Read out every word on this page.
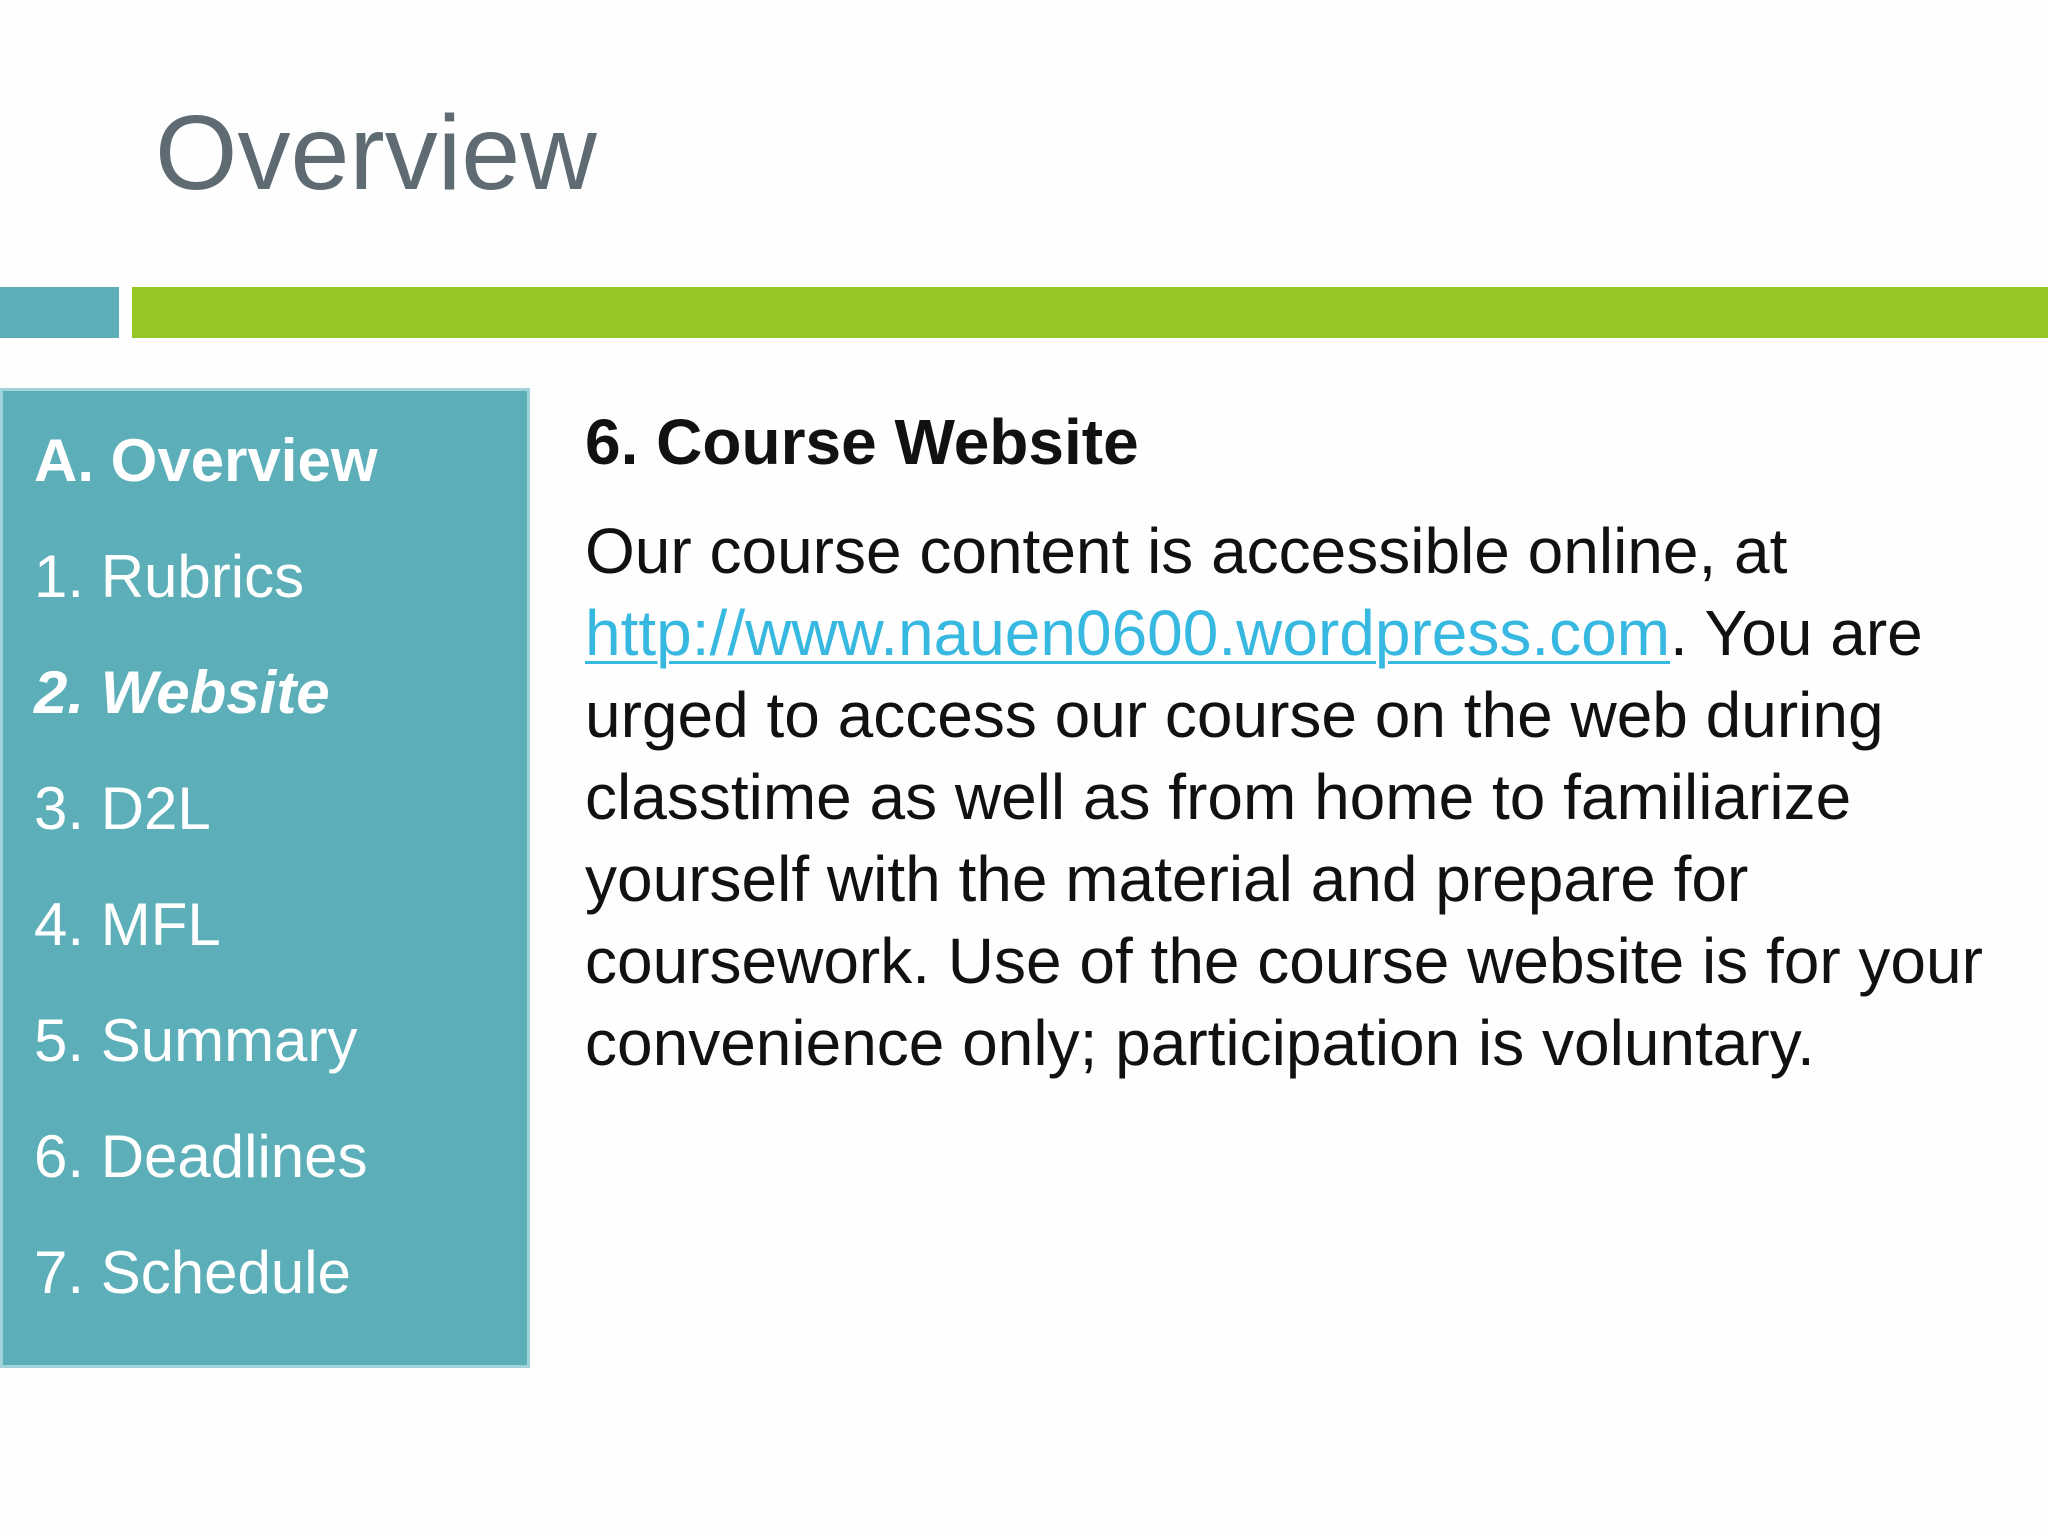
Overview
A. Overview
1. Rubrics
2. Website
3. D2L
4. MFL
5. Summary
6. Deadlines
7. Schedule
6. Course Website

Our course content is accessible online, at http://www.nauen0600.wordpress.com. You are urged to access our course on the web during classtime as well as from home to familiarize yourself with the material and prepare for coursework. Use of the course website is for your convenience only; participation is voluntary.
